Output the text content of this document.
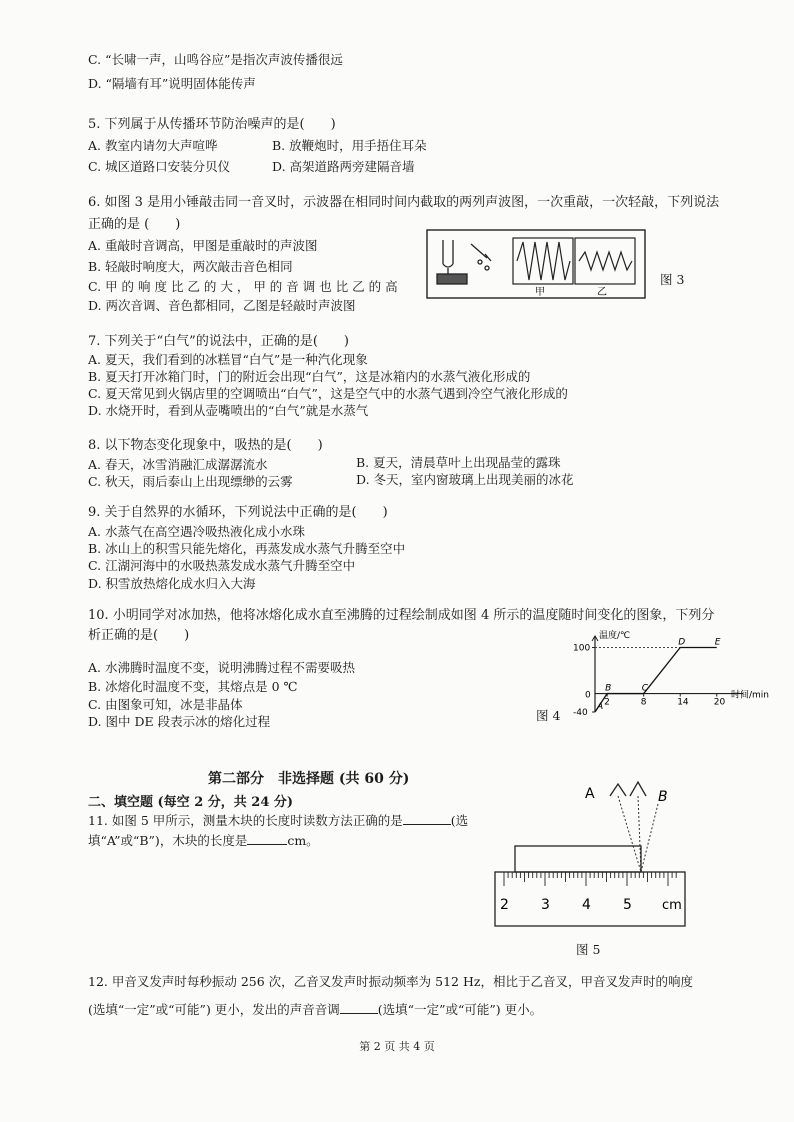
C. “长啸一声，山鸣谷应”是指次声波传播很远
D. “隔墙有耳”说明固体能传声
5. 下列属于从传播环节防治噪声的是(　　)
A. 教室内请勿大声喧哗	B. 放鞭炮时，用手捂住耳朵
C. 城区道路口安装分贝仪	D. 高架道路两旁建隔音墙
6. 如图 3 是用小锤敲击同一音叉时，示波器在相同时间内截取的两列声波图，一次重敲，一次轻敲，下列说法
正确的是 (　　)
A. 重敲时音调高，甲图是重敲时的声波图
B. 轻敲时响度大，两次敲击音色相同
C. 甲 的 响 度 比 乙 的 大 ， 甲 的 音 调 也 比 乙 的 高
D. 两次音调、音色都相同，乙图是轻敲时声波图
甲	乙
图 3
7. 下列关于“白气”的说法中，正确的是(　　)
A. 夏天，我们看到的冰糕冒“白气”是一种汽化现象
B. 夏天打开冰箱门时，门的附近会出现“白气”，这是冰箱内的水蒸气液化形成的
C. 夏天常见到火锅店里的空调喷出“白气”，这是空气中的水蒸气遇到冷空气液化形成的
D. 水烧开时，看到从壶嘴喷出的“白气”就是水蒸气
8. 以下物态变化现象中，吸热的是(　　)
A. 春天，冰雪消融汇成潺潺流水	B. 夏天，清晨草叶上出现晶莹的露珠
C. 秋天，雨后泰山上出现缥缈的云雾	D. 冬天，室内窗玻璃上出现美丽的冰花
9. 关于自然界的水循环，下列说法中正确的是(　　)
A. 水蒸气在高空遇冷吸热液化成小水珠
B. 冰山上的积雪只能先熔化，再蒸发成水蒸气升腾至空中
C. 江湖河海中的水吸热蒸发成水蒸气升腾至空中
D. 积雪放热熔化成水归入大海
10. 小明同学对冰加热，他将冰熔化成水直至沸腾的过程绘制成如图 4 所示的温度随时间变化的图象，下列分
析正确的是(　　)
A. 水沸腾时温度不变，说明沸腾过程不需要吸热
B. 冰熔化时温度不变，其熔点是 0 ℃
C. 由图象可知，冰是非晶体
D. 图中 DE 段表示冰的熔化过程
温度/℃
时间/min
0
100
-40
2	8	14	20
A
B	C
D	E
图 4
第二部分　非选择题 (共 60 分)
二、填空题 (每空 2 分，共 24 分)
11. 如图 5 甲所示，测量木块的长度时读数方法正确的是	(选
填“A”或“B”)，木块的长度是	cm。
A	B
2 3 4 5 cm
图 5
12. 甲音叉发声时每秒振动 256 次，乙音叉发声时振动频率为 512 Hz，相比于乙音叉，甲音叉发声时的响度
(选填“一定”或“可能”) 更小，发出的声音音调	(选填“一定”或“可能”) 更小。
第 2 页 共 4 页
